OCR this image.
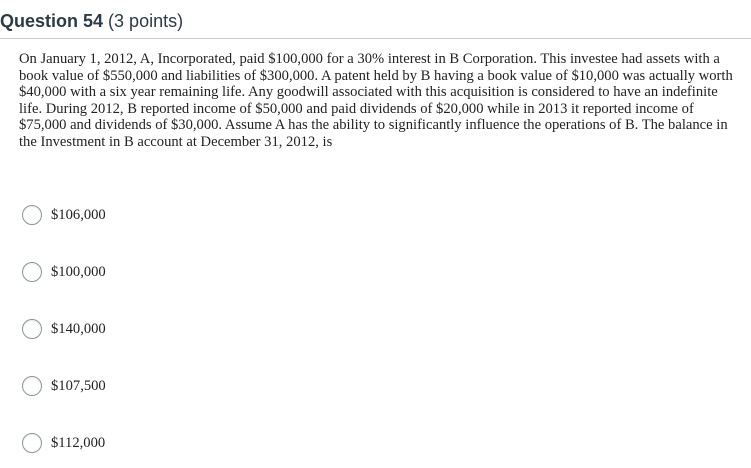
Question 54 (3 points)

On January 1, 2012, A, Incorporated, paid $100,000 for a 30% interest in B Corporation. This investee had assets with a book value of $550,000 and liabilities of $300,000. A patent held by B having a book value of $10,000 was actually worth $40,000 with a six year remaining life. Any goodwill associated with this acquisition is considered to have an indefinite life. During 2012, B reported income of $50,000 and paid dividends of $20,000 while in 2013 it reported income of $75,000 and dividends of $30,000. Assume A has the ability to significantly influence the operations of B. The balance in the Investment in B account at December 31, 2012, is

$106,000
$100,000
$140,000
$107,500
$112,000
